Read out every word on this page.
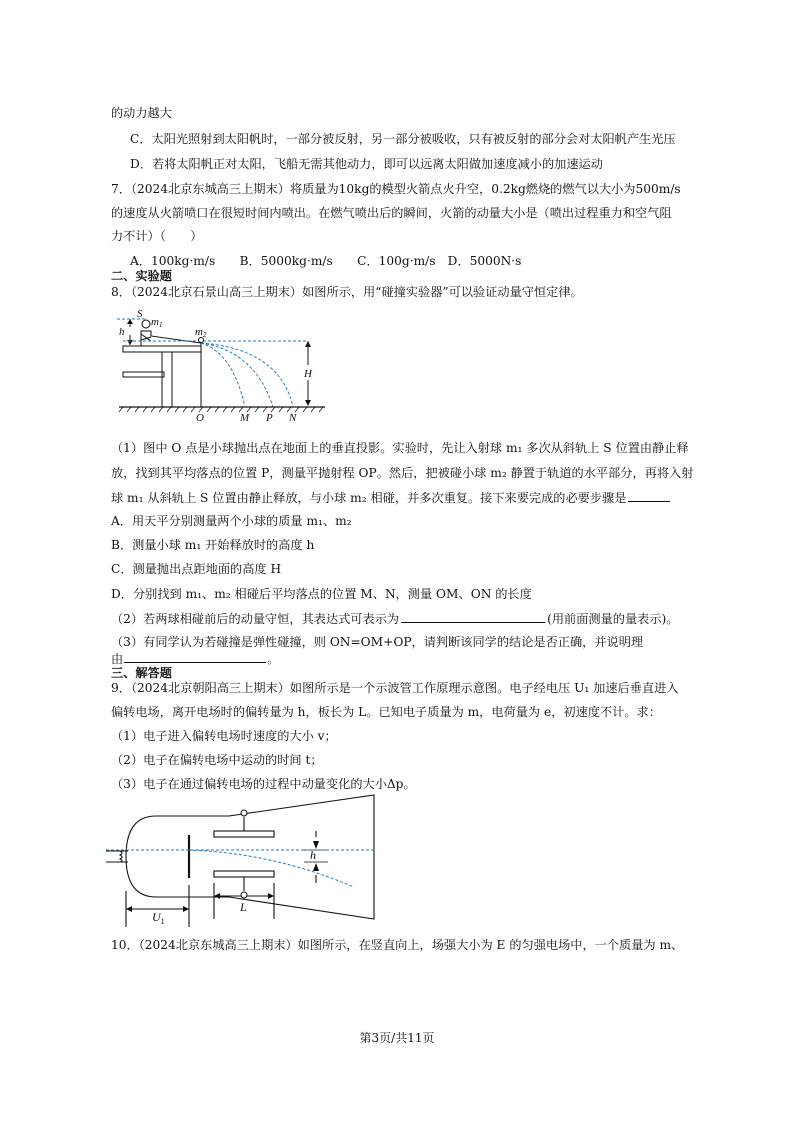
的动力越大
C．太阳光照射到太阳帆时，一部分被反射，另一部分被吸收，只有被反射的部分会对太阳帆产生光压
D．若将太阳帆正对太阳，飞船无需其他动力，即可以远离太阳做加速度减小的加速运动
7．（2024北京东城高三上期末）将质量为10kg的模型火箭点火升空，0.2kg燃烧的燃气以大小为500m/s
的速度从火箭喷口在很短时间内喷出。在燃气喷出后的瞬间，火箭的动量大小是（喷出过程重力和空气阻
力不计）（　　）
A．100kg·m/s　　B．5000kg·m/s　　C．100g·m/s　D．5000N·s
二、实验题
8．（2024北京石景山高三上期末）如图所示，用“碰撞实验器”可以验证动量守恒定律。
S
m1
m2
h
H
O	M P N
（1）图中 O 点是小球抛出点在地面上的垂直投影。实验时，先让入射球 m₁ 多次从斜轨上 S 位置由静止释
放，找到其平均落点的位置 P，测量平抛射程 OP。然后，把被碰小球 m₂ 静置于轨道的水平部分，再将入射
球 m₁ 从斜轨上 S 位置由静止释放，与小球 m₂ 相碰，并多次重复。接下来要完成的必要步骤是
A．用天平分别测量两个小球的质量 m₁、m₂
B．测量小球 m₁ 开始释放时的高度 h
C．测量抛出点距地面的高度 H
D．分别找到 m₁、m₂ 相碰后平均落点的位置 M、N，测量 OM、ON 的长度
（2）若两球相碰前后的动量守恒，其表达式可表示为	(用前面测量的量表示)。
（3）有同学认为若碰撞是弹性碰撞，则 ON=OM+OP，请判断该同学的结论是否正确，并说明理
由	。
三、解答题
9．（2024北京朝阳高三上期末）如图所示是一个示波管工作原理示意图。电子经电压 U₁ 加速后垂直进入
偏转电场，离开电场时的偏转量为 h，板长为 L。已知电子质量为 m，电荷量为 e，初速度不计。求：
（1）电子进入偏转电场时速度的大小 v；
（2）电子在偏转电场中运动的时间 t；
（3）电子在通过偏转电场的过程中动量变化的大小Δp。
h
L
$U_1$
10．（2024北京东城高三上期末）如图所示，在竖直向上，场强大小为 E 的匀强电场中，一个质量为 m、
第3页/共11页
